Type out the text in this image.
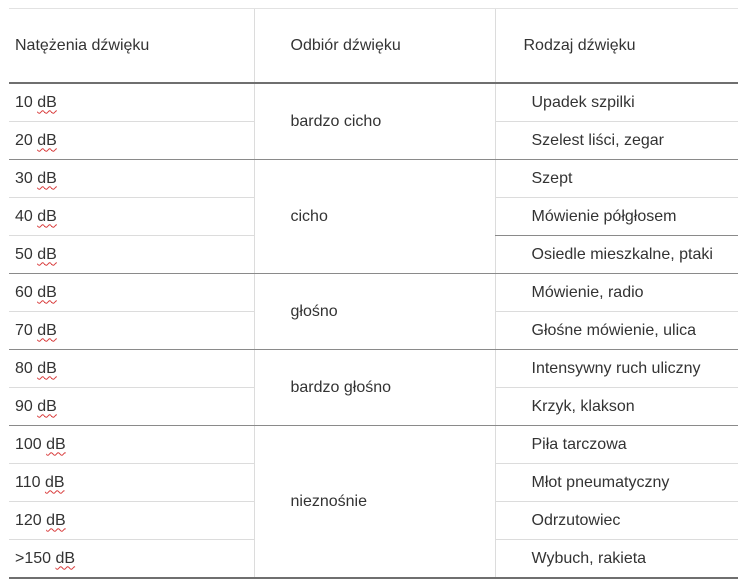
Natężenia dźwięku	Odbiór dźwięku	Rodzaj dźwięku
10 dB	bardzo cicho	Upadek szpilki
20 dB		Szelest liści, zegar
30 dB	cicho	Szept
40 dB		Mówienie półgłosem
50 dB		Osiedle mieszkalne, ptaki
60 dB	głośno	Mówienie, radio
70 dB		Głośne mówienie, ulica
80 dB	bardzo głośno	Intensywny ruch uliczny
90 dB		Krzyk, klakson
100 dB	nieznośnie	Piła tarczowa
110 dB		Młot pneumatyczny
120 dB		Odrzutowiec
>150 dB		Wybuch, rakieta
